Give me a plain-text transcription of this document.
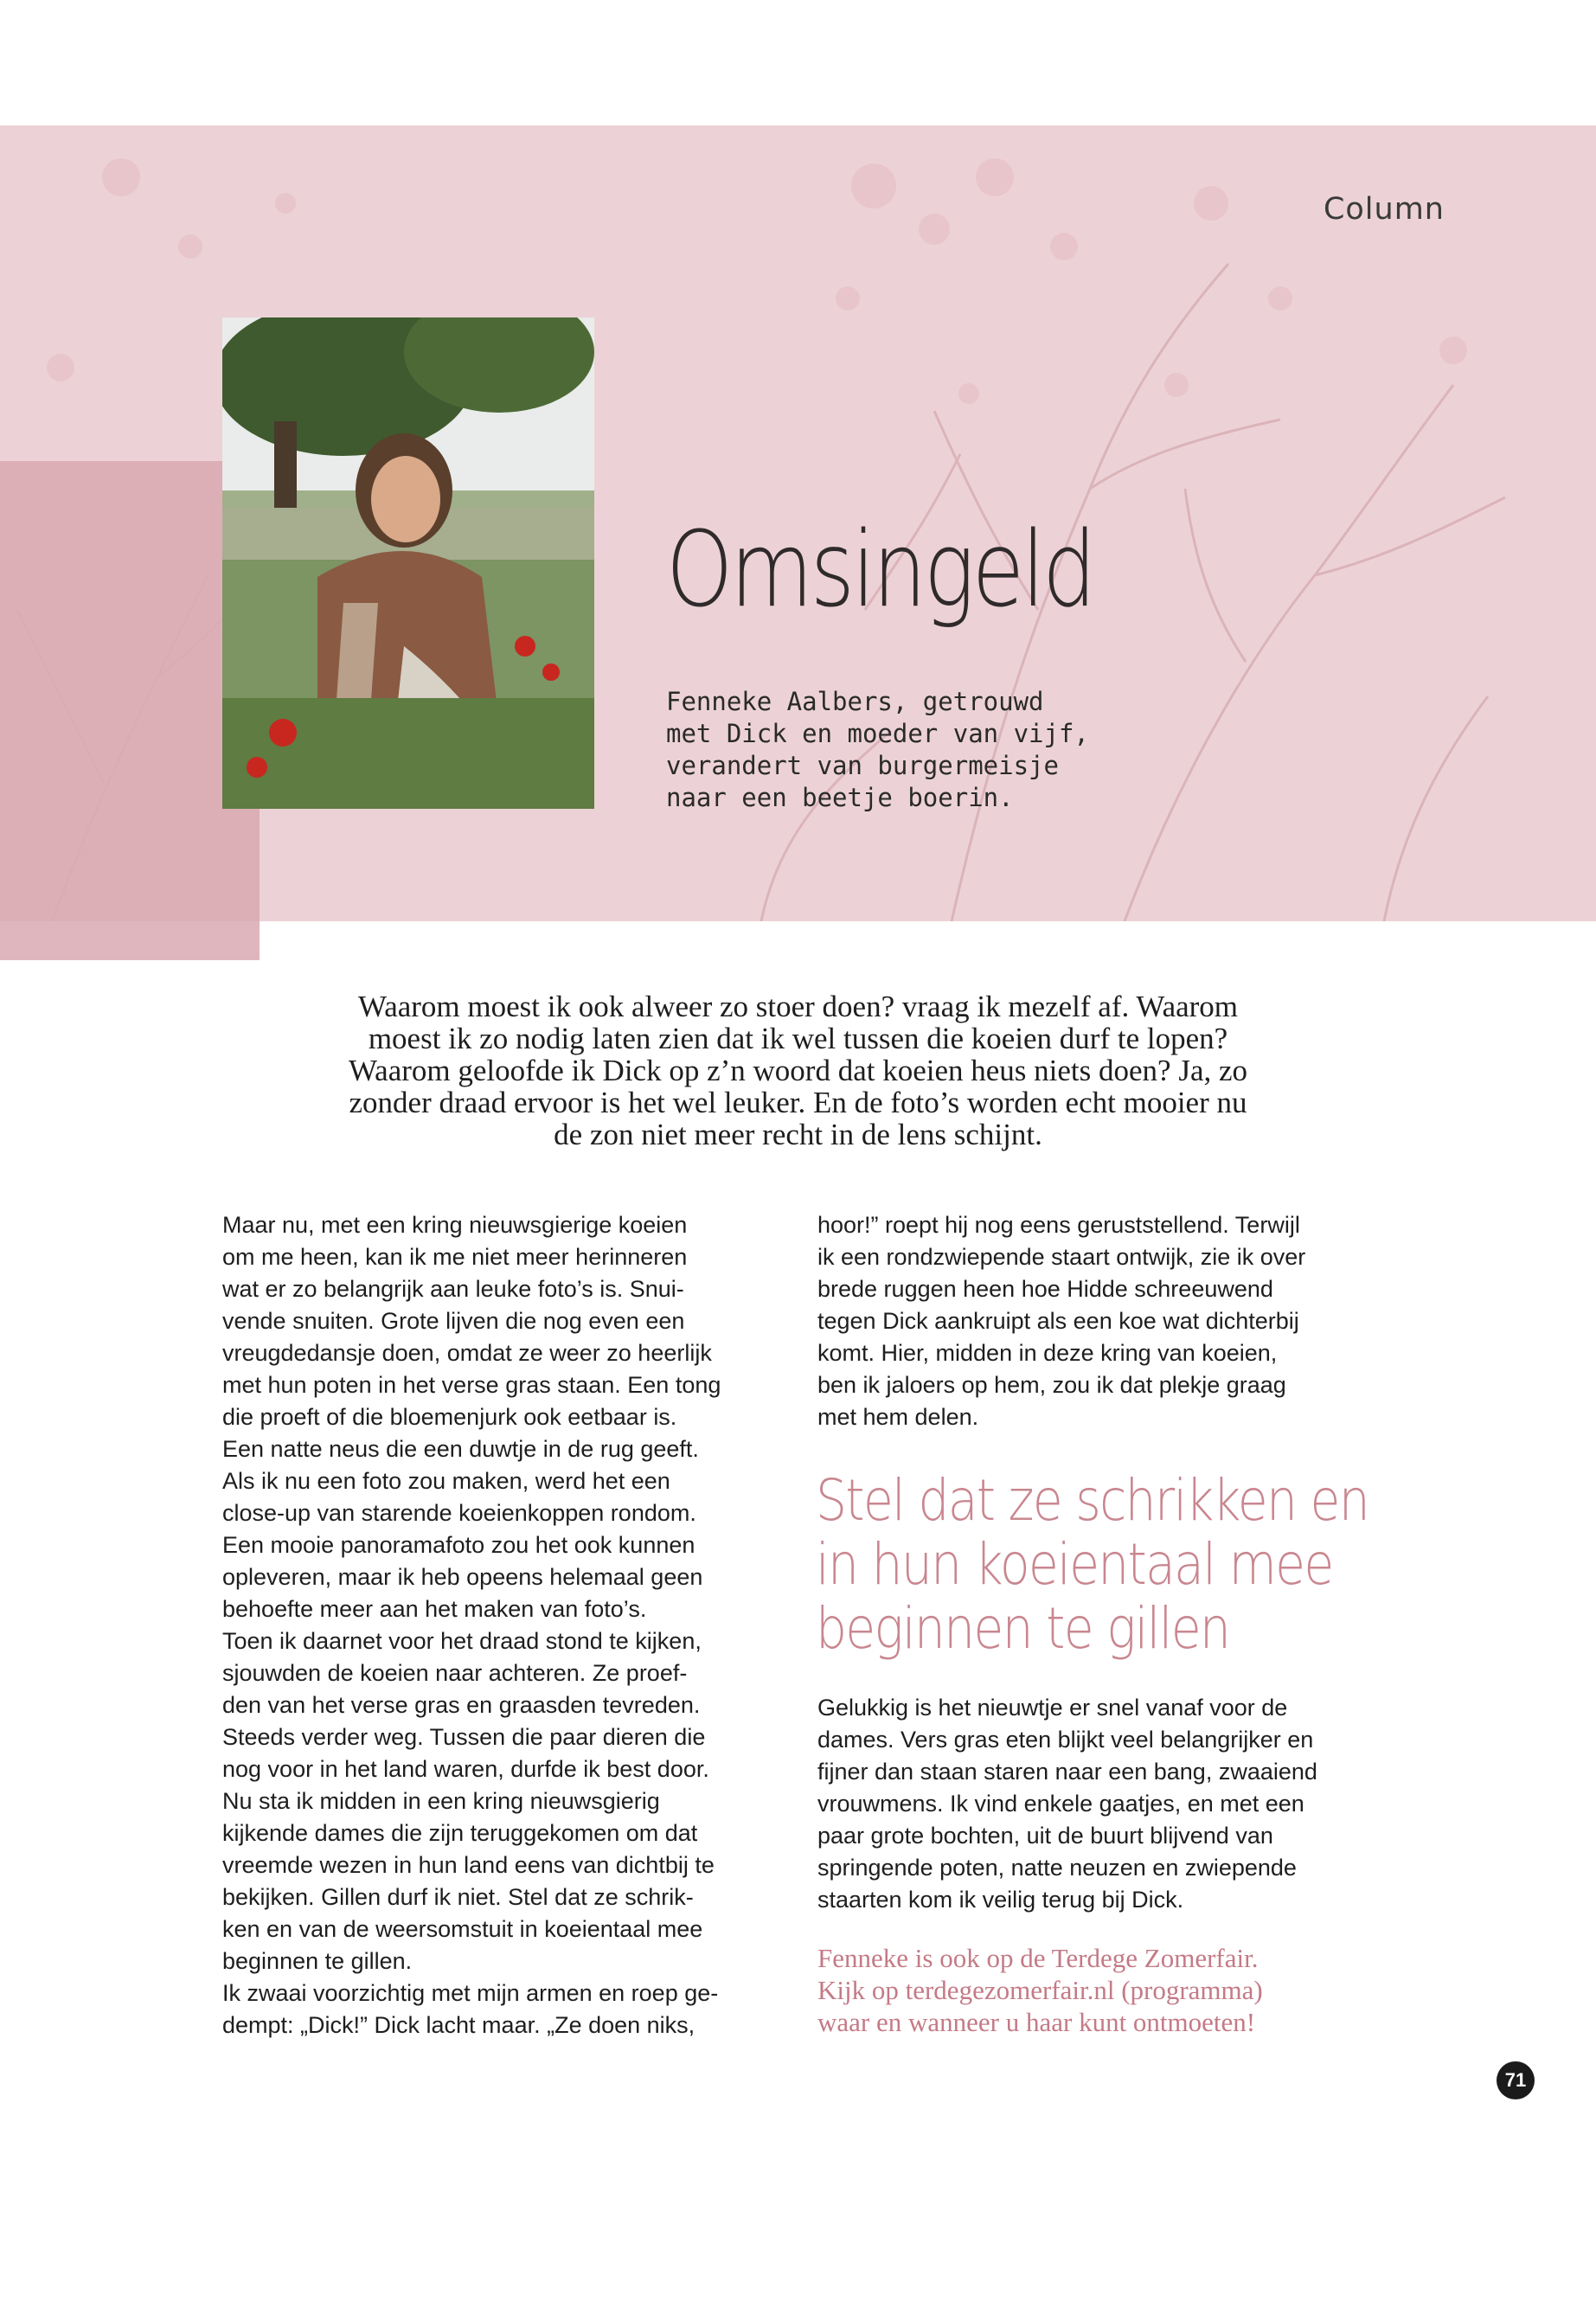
Column
Omsingeld
Fenneke Aalbers, getrouwd
met Dick en moeder van vijf,
verandert van burgermeisje
naar een beetje boerin.
Waarom moest ik ook alweer zo stoer doen? vraag ik mezelf af. Waarom
moest ik zo nodig laten zien dat ik wel tussen die koeien durf te lopen?
Waarom geloofde ik Dick op z’n woord dat koeien heus niets doen? Ja, zo
zonder draad ervoor is het wel leuker. En de foto’s worden echt mooier nu
de zon niet meer recht in de lens schijnt.
Maar nu, met een kring nieuwsgierige koeien
om me heen, kan ik me niet meer herinneren
wat er zo belangrijk aan leuke foto’s is. Snui-
vende snuiten. Grote lijven die nog even een
vreugdedansje doen, omdat ze weer zo heerlijk
met hun poten in het verse gras staan. Een tong
die proeft of die bloemenjurk ook eetbaar is.
Een natte neus die een duwtje in de rug geeft.
Als ik nu een foto zou maken, werd het een
close-up van starende koeienkoppen rondom.
Een mooie panoramafoto zou het ook kunnen
opleveren, maar ik heb opeens helemaal geen
behoefte meer aan het maken van foto’s.
Toen ik daarnet voor het draad stond te kijken,
sjouwden de koeien naar achteren. Ze proef-
den van het verse gras en graasden tevreden.
Steeds verder weg. Tussen die paar dieren die
nog voor in het land waren, durfde ik best door.
Nu sta ik midden in een kring nieuwsgierig
kijkende dames die zijn teruggekomen om dat
vreemde wezen in hun land eens van dichtbij te
bekijken. Gillen durf ik niet. Stel dat ze schrik-
ken en van de weersomstuit in koeientaal mee
beginnen te gillen.
Ik zwaai voorzichtig met mijn armen en roep ge-
dempt: „Dick!” Dick lacht maar. „Ze doen niks,
hoor!” roept hij nog eens geruststellend. Terwijl
ik een rondzwiepende staart ontwijk, zie ik over
brede ruggen heen hoe Hidde schreeuwend
tegen Dick aankruipt als een koe wat dichterbij
komt. Hier, midden in deze kring van koeien,
ben ik jaloers op hem, zou ik dat plekje graag
met hem delen.
Stel dat ze schrikken en
in hun koeientaal mee
beginnen te gillen
Gelukkig is het nieuwtje er snel vanaf voor de
dames. Vers gras eten blijkt veel belangrijker en
fijner dan staan staren naar een bang, zwaaiend
vrouwmens. Ik vind enkele gaatjes, en met een
paar grote bochten, uit de buurt blijvend van
springende poten, natte neuzen en zwiepende
staarten kom ik veilig terug bij Dick.
Fenneke is ook op de Terdege Zomerfair.
Kijk op terdegezomerfair.nl (programma)
waar en wanneer u haar kunt ontmoeten!
71
